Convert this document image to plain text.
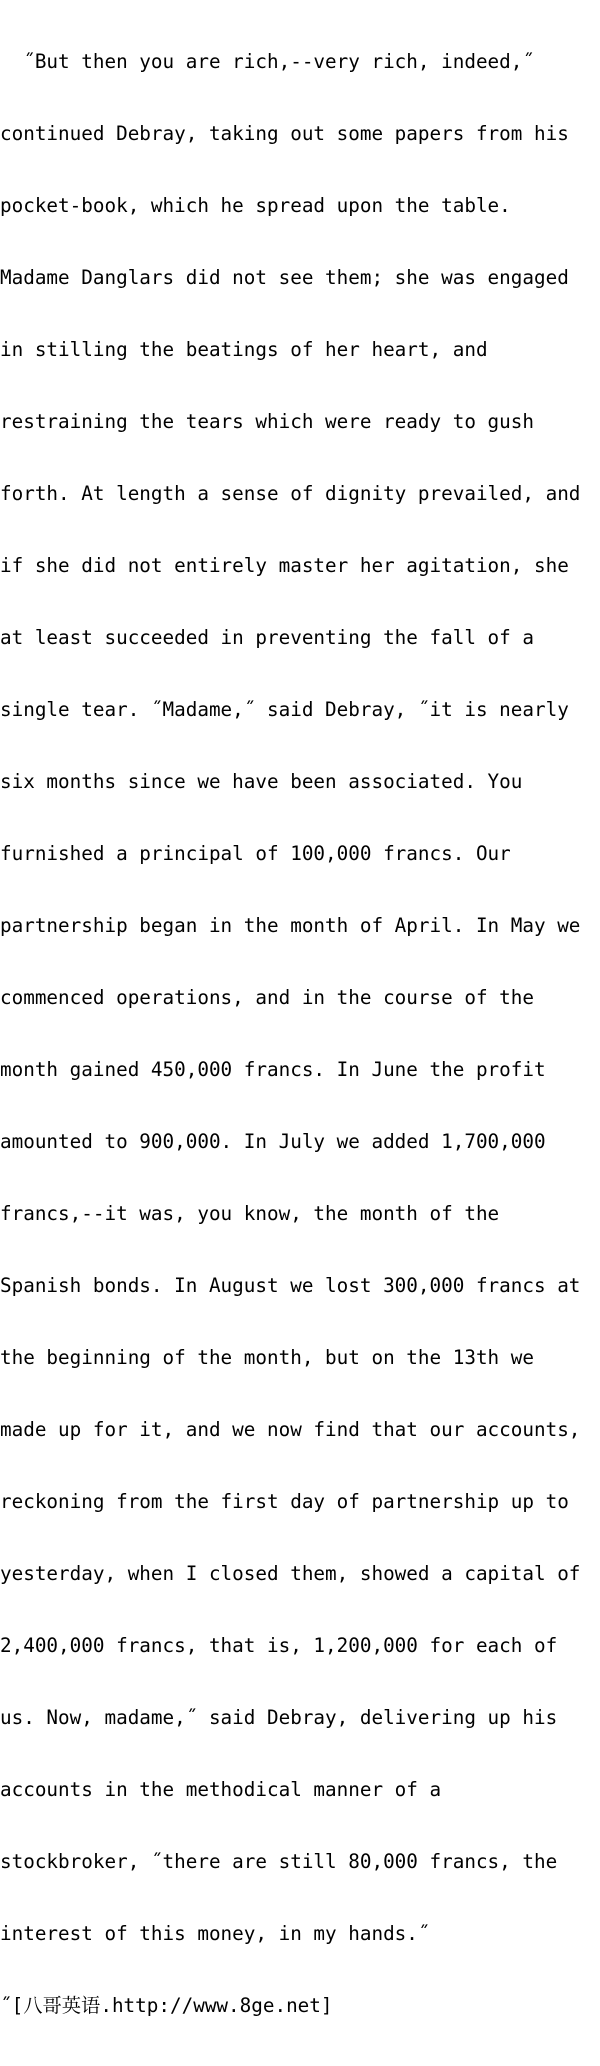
˝But then you are rich,--very rich, indeed,˝

continued Debray, taking out some papers from his

pocket-book, which he spread upon the table.

Madame Danglars did not see them; she was engaged

in stilling the beatings of her heart, and

restraining the tears which were ready to gush

forth. At length a sense of dignity prevailed, and

if she did not entirely master her agitation, she

at least succeeded in preventing the fall of a

single tear. ˝Madame,˝ said Debray, ˝it is nearly

six months since we have been associated. You

furnished a principal of 100,000 francs. Our

partnership began in the month of April. In May we

commenced operations, and in the course of the

month gained 450,000 francs. In June the profit

amounted to 900,000. In July we added 1,700,000

francs,--it was, you know, the month of the

Spanish bonds. In August we lost 300,000 francs at

the beginning of the month, but on the 13th we

made up for it, and we now find that our accounts,

reckoning from the first day of partnership up to

yesterday, when I closed them, showed a capital of

2,400,000 francs, that is, 1,200,000 for each of

us. Now, madame,˝ said Debray, delivering up his

accounts in the methodical manner of a

stockbroker, ˝there are still 80,000 francs, the

interest of this money, in my hands.˝

˝[八哥英语.http://www.8ge.net]
